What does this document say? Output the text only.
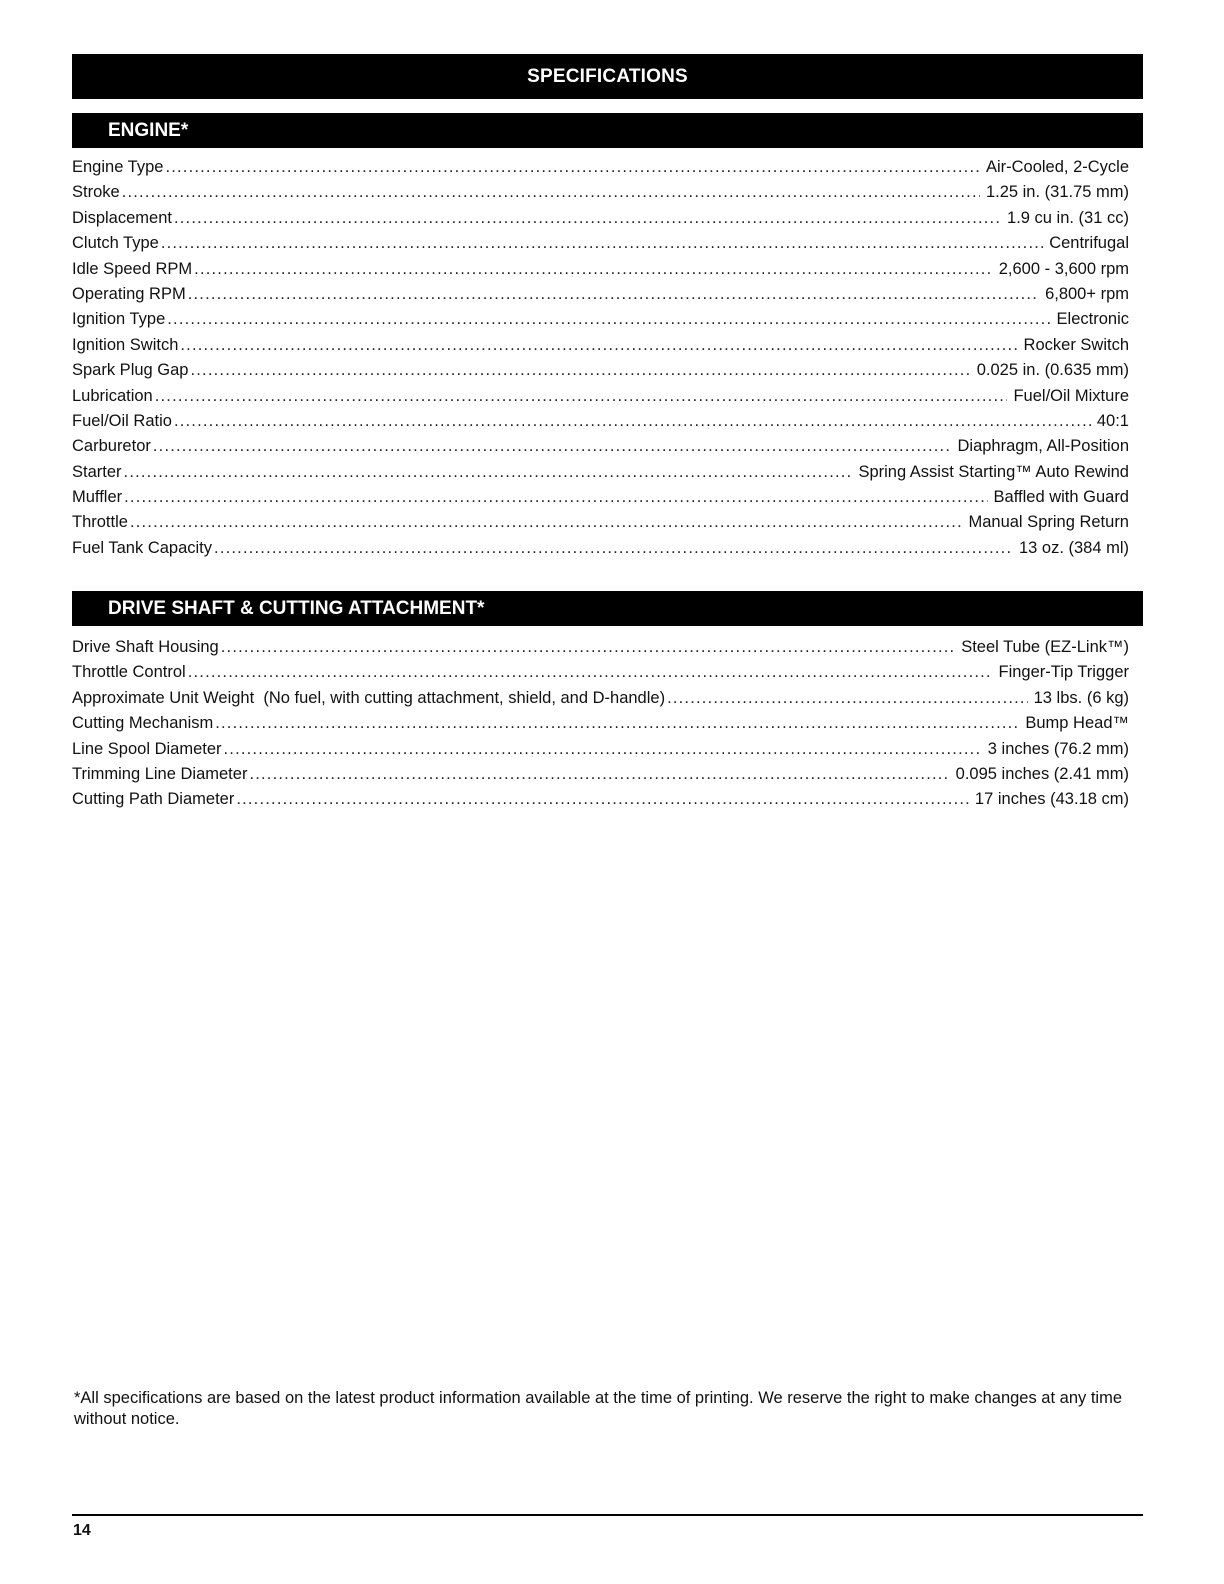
SPECIFICATIONS
ENGINE*
Engine Type .....	Air-Cooled, 2-Cycle
Stroke .....	1.25 in. (31.75 mm)
Displacement .....	1.9 cu in. (31 cc)
Clutch Type .....	Centrifugal
Idle Speed RPM .....	2,600 - 3,600 rpm
Operating RPM .....	6,800+ rpm
Ignition Type .....	Electronic
Ignition Switch .....	Rocker Switch
Spark Plug Gap .....	0.025 in. (0.635 mm)
Lubrication .....	Fuel/Oil Mixture
Fuel/Oil Ratio .....	40:1
Carburetor .....	Diaphragm, All-Position
Starter .....	Spring Assist Starting™ Auto Rewind
Muffler .....	Baffled with Guard
Throttle .....	Manual Spring Return
Fuel Tank Capacity .....	13 oz. (384 ml)
DRIVE SHAFT & CUTTING ATTACHMENT*
Drive Shaft Housing .....	Steel Tube (EZ-Link™)
Throttle Control .....	Finger-Tip Trigger
Approximate Unit Weight  (No fuel, with cutting attachment, shield, and D-handle) .....	13 lbs. (6 kg)
Cutting Mechanism .....	Bump Head™
Line Spool Diameter .....	3 inches (76.2 mm)
Trimming Line Diameter .....	0.095 inches (2.41 mm)
Cutting Path Diameter .....	17 inches (43.18 cm)

*All specifications are based on the latest product information available at the time of printing. We reserve the right to make changes at any time without notice.

14
